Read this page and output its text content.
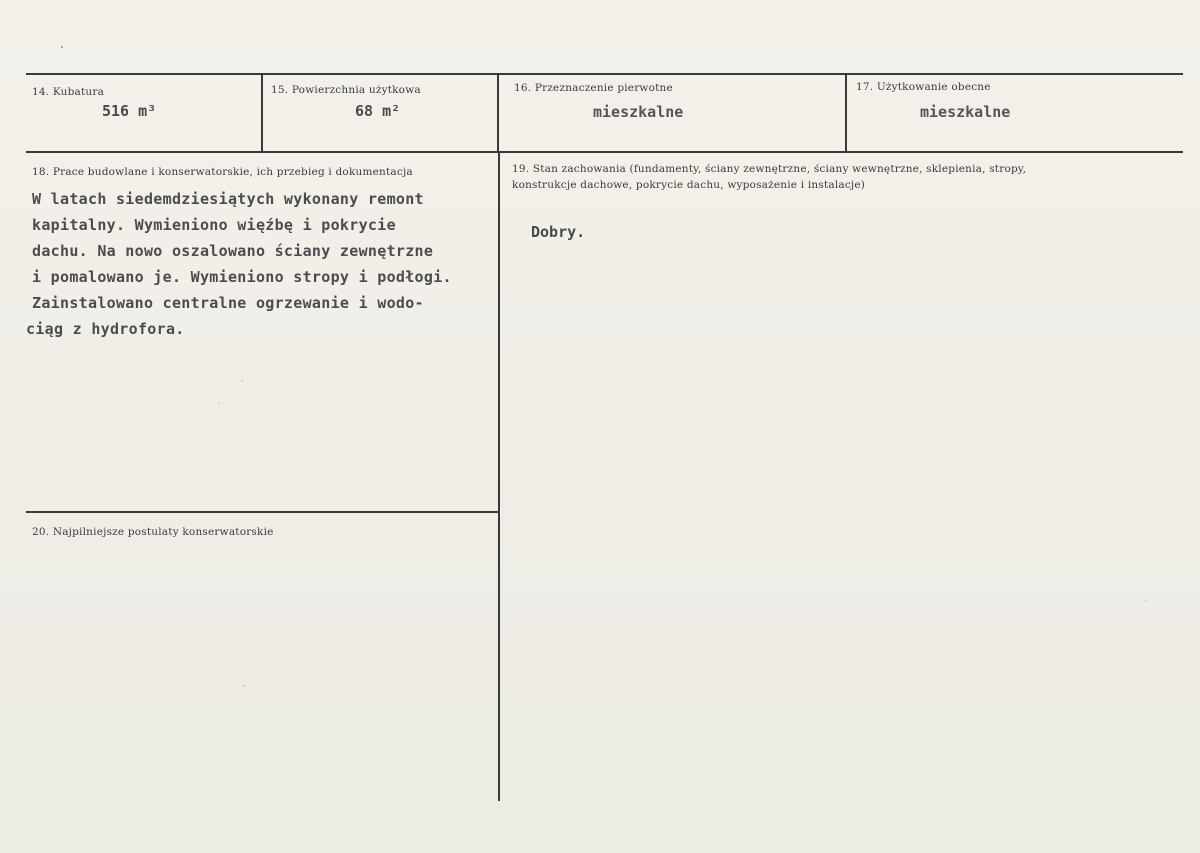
14. Kubatura
516 m³
15. Powierzchnia użytkowa
68 m²
16. Przeznaczenie pierwotne
mieszkalne
17. Użytkowanie obecne
mieszkalne
18. Prace budowlane i konserwatorskie, ich przebieg i dokumentacja
W latach siedemdziesiątych wykonany remont
kapitalny. Wymieniono więźbę i pokrycie
dachu. Na nowo oszalowano ściany zewnętrzne
i pomalowano je. Wymieniono stropy i podłogi.
Zainstalowano centralne ogrzewanie i wodo-
ciąg z hydrofora.
19. Stan zachowania (fundamenty, ściany zewnętrzne, ściany wewnętrzne, sklepienia, stropy,
konstrukcje dachowe, pokrycie dachu, wyposażenie i instalacje)
Dobry.
20. Najpilniejsze postulaty konserwatorskie
